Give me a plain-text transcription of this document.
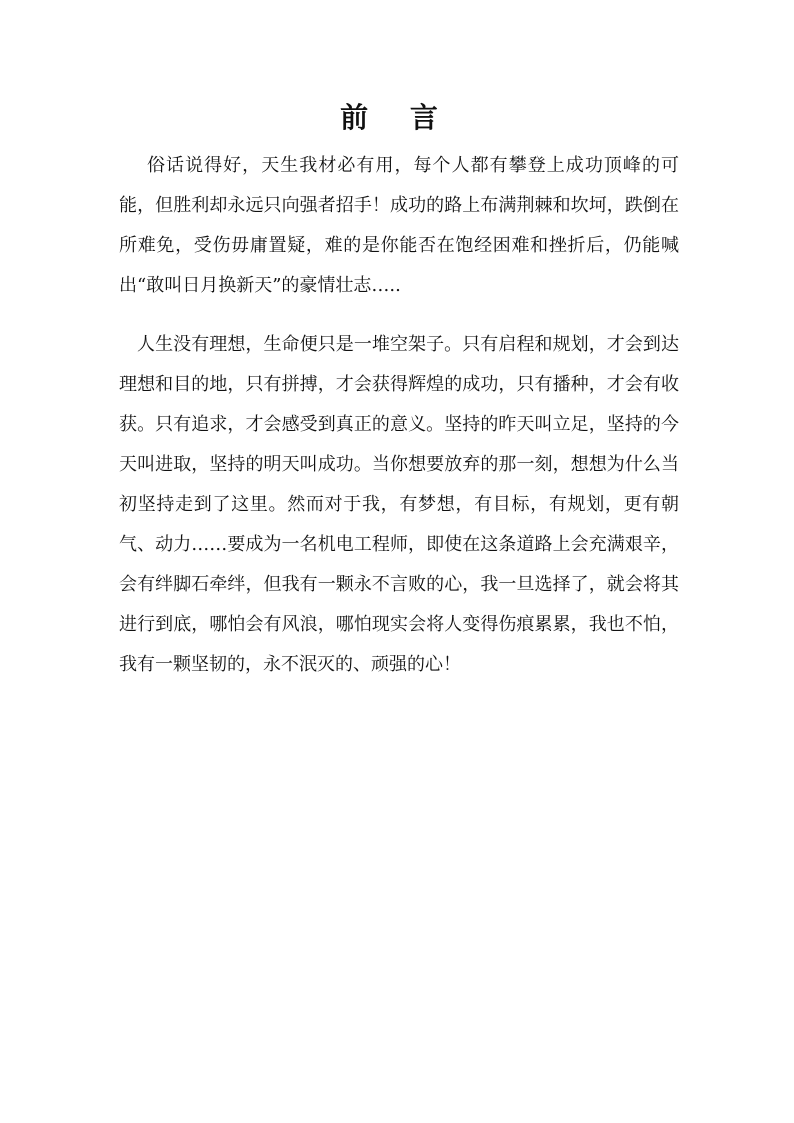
前 言
俗话说得好，天生我材必有用，每个人都有攀登上成功顶峰的可能，但胜利却永远只向强者招手！成功的路上布满荆棘和坎坷，跌倒在所难免，受伤毋庸置疑，难的是你能否在饱经困难和挫折后，仍能喊出“敢叫日月换新天”的豪情壮志…..
人生没有理想，生命便只是一堆空架子。只有启程和规划，才会到达理想和目的地，只有拼搏，才会获得辉煌的成功，只有播种，才会有收获。只有追求，才会感受到真正的意义。坚持的昨天叫立足，坚持的今天叫进取，坚持的明天叫成功。当你想要放弃的那一刻，想想为什么当初坚持走到了这里。然而对于我，有梦想，有目标，有规划，更有朝气、动力……要成为一名机电工程师，即使在这条道路上会充满艰辛，会有绊脚石牵绊，但我有一颗永不言败的心，我一旦选择了，就会将其进行到底，哪怕会有风浪，哪怕现实会将人变得伤痕累累，我也不怕，我有一颗坚韧的，永不泯灭的、顽强的心！
